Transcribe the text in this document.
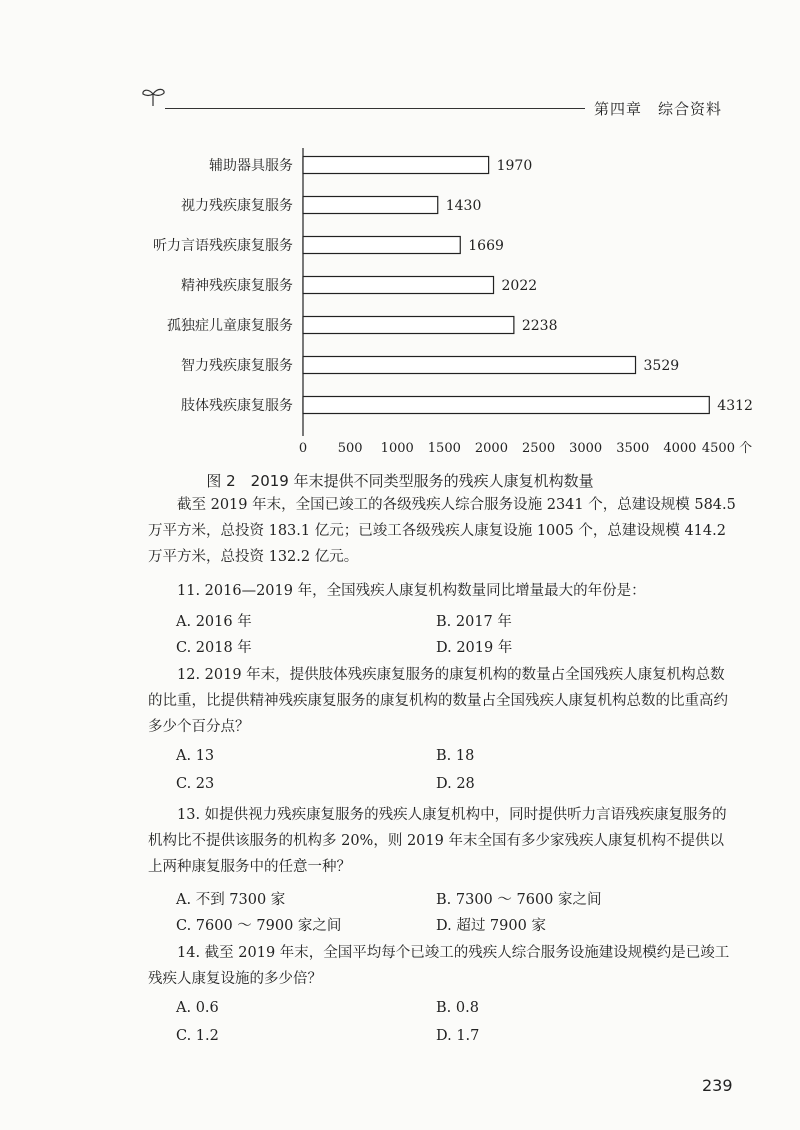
第四章　综合资料
辅助器具服务	1970
视力残疾康复服务	1430
听力言语残疾康复服务	1669
精神残疾康复服务	2022
孤独症儿童康复服务	2238
智力残疾康复服务	3529
肢体残疾康复服务	4312
0 500 1000 1500 2000 2500 3000 3500 4000 4500 个
图 2　2019 年末提供不同类型服务的残疾人康复机构数量

截至 2019 年末，全国已竣工的各级残疾人综合服务设施 2341 个，总建设规模 584.5 万平方米，总投资 183.1 亿元；已竣工各级残疾人康复设施 1005 个，总建设规模 414.2 万平方米，总投资 132.2 亿元。

11. 2016—2019 年，全国残疾人康复机构数量同比增量最大的年份是：

A. 2016 年	B. 2017 年
C. 2018 年	D. 2019 年

12. 2019 年末，提供肢体残疾康复服务的康复机构的数量占全国残疾人康复机构总数的比重，比提供精神残疾康复服务的康复机构的数量占全国残疾人康复机构总数的比重高约多少个百分点？

A. 13	B. 18
C. 23	D. 28

13. 如提供视力残疾康复服务的残疾人康复机构中，同时提供听力言语残疾康复服务的机构比不提供该服务的机构多 20%，则 2019 年末全国有多少家残疾人康复机构不提供以上两种康复服务中的任意一种？

A. 不到 7300 家	B. 7300 ～ 7600 家之间
C. 7600 ～ 7900 家之间	D. 超过 7900 家

14. 截至 2019 年末，全国平均每个已竣工的残疾人综合服务设施建设规模约是已竣工残疾人康复设施的多少倍？

A. 0.6	B. 0.8
C. 1.2	D. 1.7
239
